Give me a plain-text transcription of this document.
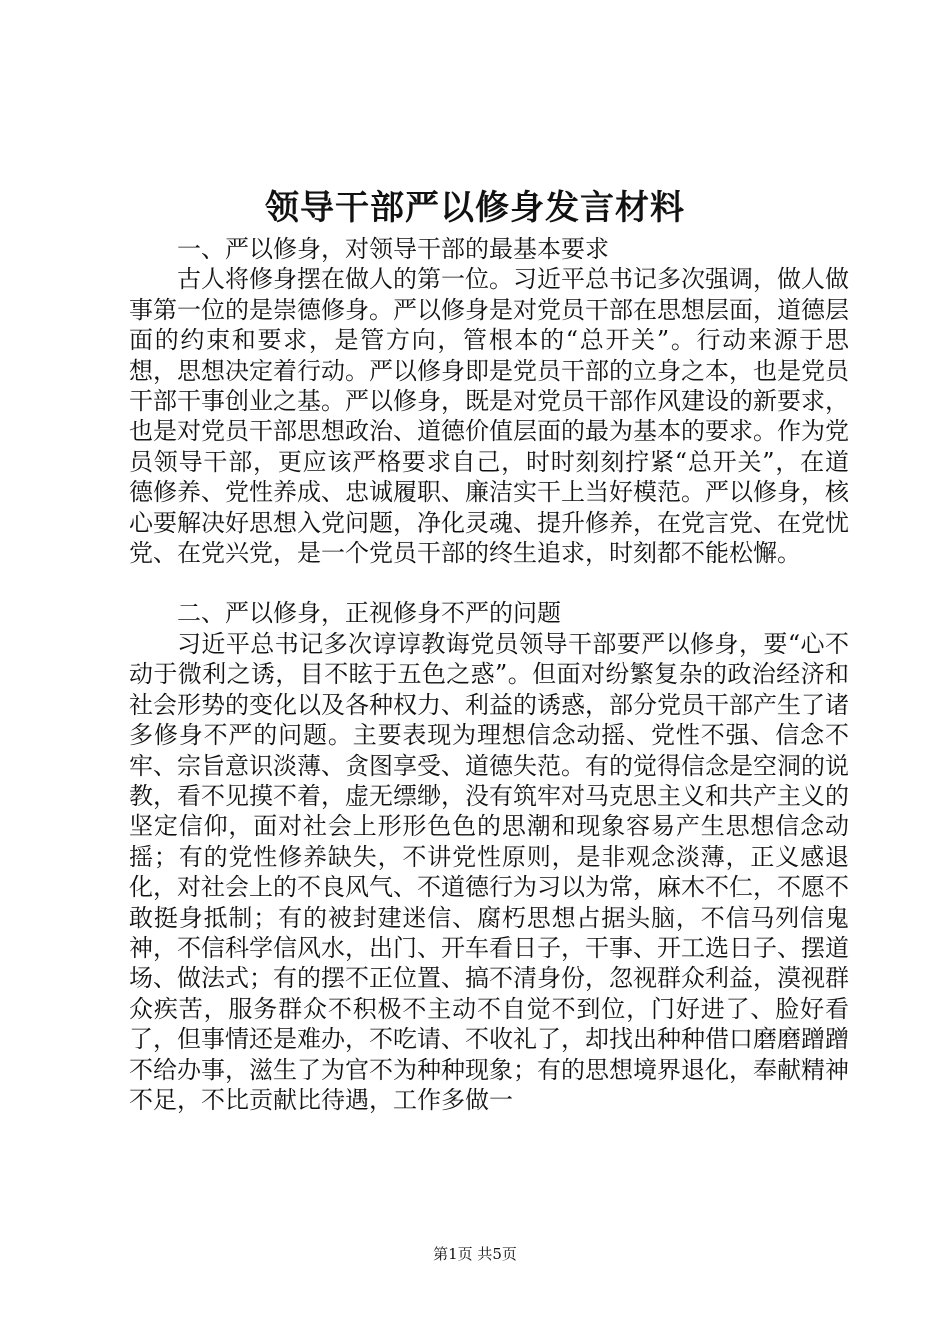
领导干部严以修身发言材料

一、严以修身，对领导干部的最基本要求

古人将修身摆在做人的第一位。习近平总书记多次强调，做人做事第一位的是崇德修身。严以修身是对党员干部在思想层面，道德层面的约束和要求，是管方向，管根本的“总开关”。行动来源于思想，思想决定着行动。严以修身即是党员干部的立身之本，也是党员干部干事创业之基。严以修身，既是对党员干部作风建设的新要求，也是对党员干部思想政治、道德价值层面的最为基本的要求。作为党员领导干部，更应该严格要求自己，时时刻刻拧紧“总开关”，在道德修养、党性养成、忠诚履职、廉洁实干上当好模范。严以修身，核心要解决好思想入党问题，净化灵魂、提升修养，在党言党、在党忧党、在党兴党，是一个党员干部的终生追求，时刻都不能松懈。

二、严以修身，正视修身不严的问题

习近平总书记多次谆谆教诲党员领导干部要严以修身，要“心不动于微利之诱，目不眩于五色之惑”。但面对纷繁复杂的政治经济和社会形势的变化以及各种权力、利益的诱惑，部分党员干部产生了诸多修身不严的问题。主要表现为理想信念动摇、党性不强、信念不牢、宗旨意识淡薄、贪图享受、道德失范。有的觉得信念是空洞的说教，看不见摸不着，虚无缥缈，没有筑牢对马克思主义和共产主义的坚定信仰，面对社会上形形色色的思潮和现象容易产生思想信念动摇；有的党性修养缺失，不讲党性原则，是非观念淡薄，正义感退化，对社会上的不良风气、不道德行为习以为常，麻木不仁，不愿不敢挺身抵制；有的被封建迷信、腐朽思想占据头脑，不信马列信鬼神，不信科学信风水，出门、开车看日子，干事、开工选日子、摆道场、做法式；有的摆不正位置、搞不清身份，忽视群众利益，漠视群众疾苦，服务群众不积极不主动不自觉不到位，门好进了、脸好看了，但事情还是难办，不吃请、不收礼了，却找出种种借口磨磨蹭蹭不给办事，滋生了为官不为种种现象；有的思想境界退化，奉献精神不足，不比贡献比待遇，工作多做一

第1页 共5页
